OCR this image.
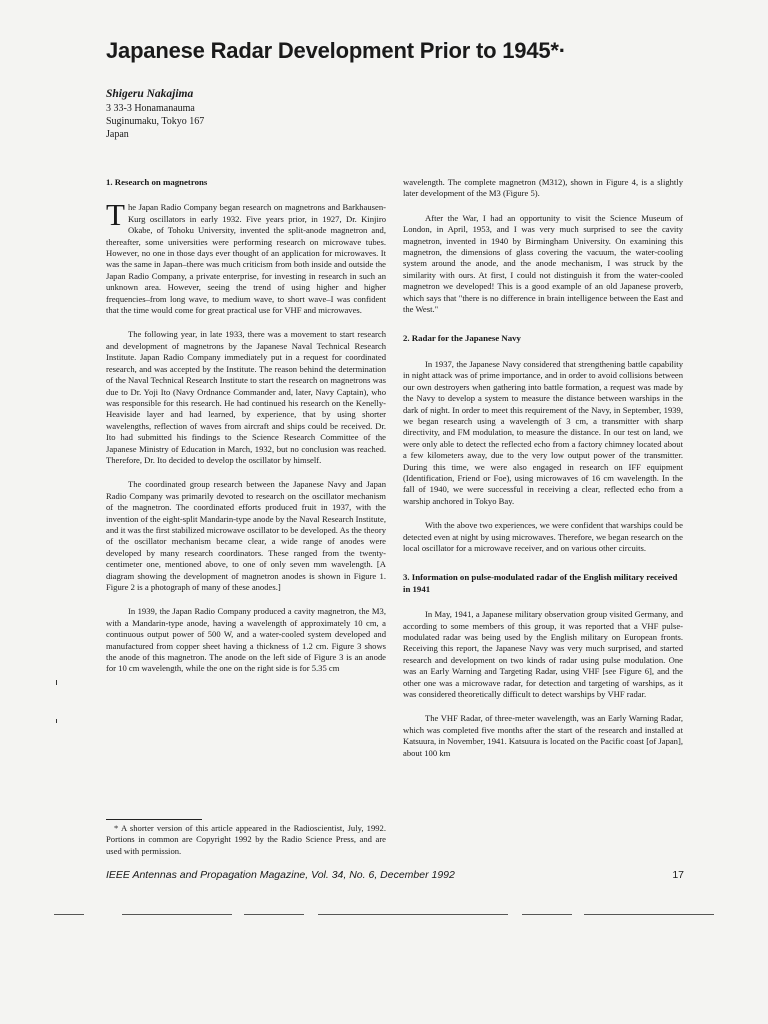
Japanese Radar Development Prior to 1945*·
Shigeru Nakajima
3 33-3 Honamanauma
Suginumaku, Tokyo 167
Japan
1. Research on magnetrons

The Japan Radio Company began research on magnetrons and Barkhausen-Kurg oscillators in early 1932. Five years prior, in 1927, Dr. Kinjiro Okabe, of Tohoku University, invented the split-anode magnetron and, thereafter, some universities were performing research on microwave tubes. However, no one in those days ever thought of an application for microwaves. It was the same in Japan–there was much criticism from both inside and outside the Japan Radio Company, a private enterprise, for investing in research in such an unknown area. However, seeing the trend of using higher and higher frequencies–from long wave, to medium wave, to short wave–I was confident that the time would come for great practical use for VHF and microwaves.

The following year, in late 1933, there was a movement to start research and development of magnetrons by the Japanese Naval Technical Research Institute. Japan Radio Company immediately put in a request for coordinated research, and was accepted by the Institute. The reason behind the determination of the Naval Technical Research Institute to start the research on magnetrons was due to Dr. Yoji Ito (Navy Ordnance Commander and, later, Navy Captain), who was responsible for this research. He had continued his research on the Kenelly-Heaviside layer and had learned, by experience, that by using shorter wavelengths, reflection of waves from aircraft and ships could be received. Dr. Ito had submitted his findings to the Science Research Committee of the Japanese Ministry of Education in March, 1932, but no conclusion was reached. Therefore, Dr. Ito decided to develop the oscillator by himself.

The coordinated group research between the Japanese Navy and Japan Radio Company was primarily devoted to research on the oscillator mechanism of the magnetron. The coordinated efforts produced fruit in 1937, with the invention of the eight-split Mandarin-type anode by the Naval Research Institute, and it was the first stabilized microwave oscillator to be developed. As the theory of the oscillator mechanism became clear, a wide range of anodes were developed by many research coordinators. These ranged from the twenty-centimeter one, mentioned above, to one of only seven mm wavelength. [A diagram showing the development of magnetron anodes is shown in Figure 1. Figure 2 is a photograph of many of these anodes.]

In 1939, the Japan Radio Company produced a cavity magnetron, the M3, with a Mandarin-type anode, having a wavelength of approximately 10 cm, a continuous output power of 500 W, and a water-cooled system developed and manufactured from copper sheet having a thickness of 1.2 cm. Figure 3 shows the anode of this magnetron. The anode on the left side of Figure 3 is an anode for 10 cm wavelength, while the one on the right side is for 5.35 cm

wavelength. The complete magnetron (M312), shown in Figure 4, is a slightly later development of the M3 (Figure 5).

After the War, I had an opportunity to visit the Science Museum of London, in April, 1953, and I was very much surprised to see the cavity magnetron, invented in 1940 by Birmingham University. On examining this magnetron, the dimensions of glass covering the vacuum, the water-cooling system around the anode, and the anode mechanism, I was struck by the similarity with ours. At first, I could not distinguish it from the water-cooled magnetron we developed! This is a good example of an old Japanese proverb, which says that "there is no difference in brain intelligence between the East and the West."

2. Radar for the Japanese Navy

In 1937, the Japanese Navy considered that strengthening battle capability in night attack was of prime importance, and in order to avoid collisions between our own destroyers when gathering into battle formation, a request was made by the Navy to develop a system to measure the distance between warships in the dark of night. In order to meet this requirement of the Navy, in September, 1939, we began research using a wavelength of 3 cm, a transmitter with sharp directivity, and FM modulation, to measure the distance. In our test on land, we were only able to detect the reflected echo from a factory chimney located about a few kilometers away, due to the very low output power of the transmitter. During this time, we were also engaged in research on IFF equipment (Identification, Friend or Foe), using microwaves of 16 cm wavelength. In the fall of 1940, we were successful in receiving a clear, reflected echo from a warship anchored in Tokyo Bay.

With the above two experiences, we were confident that warships could be detected even at night by using microwaves. Therefore, we began research on the local oscillator for a microwave receiver, and on various other circuits.

3. Information on pulse-modulated radar of the English military received in 1941

In May, 1941, a Japanese military observation group visited Germany, and according to some members of this group, it was reported that a VHF pulse-modulated radar was being used by the English military on European fronts. Receiving this report, the Japanese Navy was very much surprised, and started research and development on two kinds of radar using pulse modulation. One was an Early Warning and Targeting Radar, using VHF [see Figure 6], and the other one was a microwave radar, for detection and targeting of warships, as it was considered theoretically difficult to detect warships by VHF radar.

The VHF Radar, of three-meter wavelength, was an Early Warning Radar, which was completed five months after the start of the research and installed at Katsuura, in November, 1941. Katsuura is located on the Pacific coast [of Japan], about 100 km

* A shorter version of this article appeared in the Radioscientist, July, 1992. Portions in common are Copyright 1992 by the Radio Science Press, and are used with permission.
IEEE Antennas and Propagation Magazine, Vol. 34, No. 6, December 1992	17
